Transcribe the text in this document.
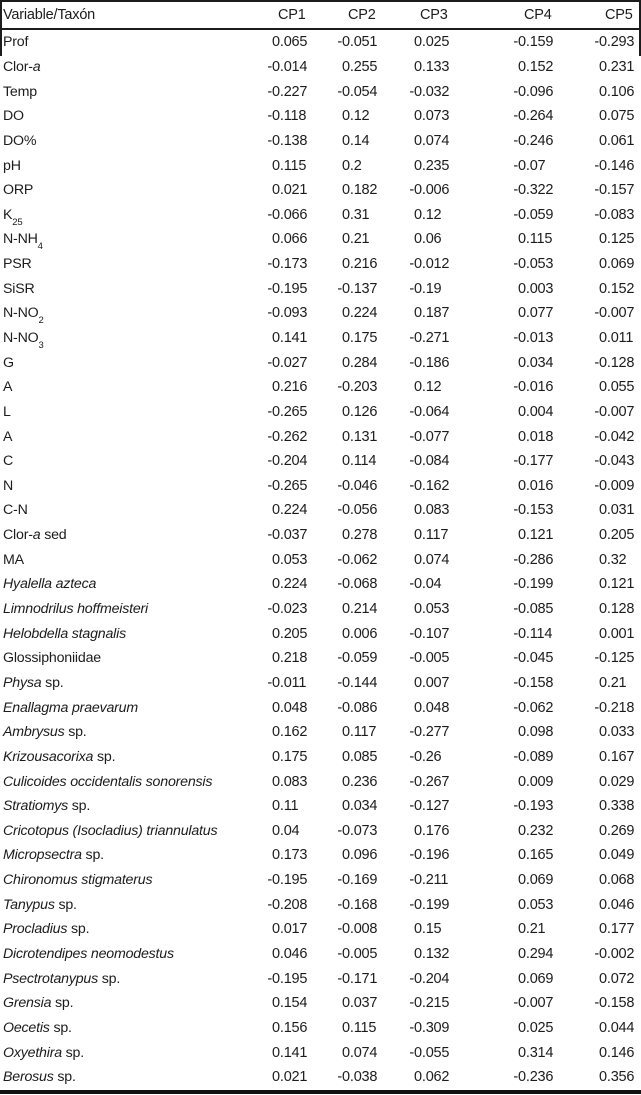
Variable/Taxón	CP1	CP2	CP3	CP4	CP5
Prof	0.065	- 0.051	0.025	- 0.159	- 0.293
Clor-a	- 0.014	0.255	0.133	0.152	0.231
Temp	- 0.227	- 0.054	- 0.032	- 0.096	0.106
DO	- 0.118	0.12	0.073	- 0.264	0.075
DO%	- 0.138	0.14	0.074	- 0.246	0.061
pH	0.115	0.2	0.235	- 0.07	- 0.146
ORP	0.021	0.182	- 0.006	- 0.322	- 0.157
$K_{25}$	- 0.066	0.31	0.12	- 0.059	- 0.083
$N-NH_4$	0.066	0.21	0.06	0.115	0.125
PSR	- 0.173	0.216	- 0.012	- 0.053	0.069
SiSR	- 0.195	- 0.137	- 0.19	0.003	0.152
$N-NO_2$	- 0.093	0.224	0.187	0.077	- 0.007
$N-NO_3$	0.141	0.175	- 0.271	- 0.013	0.011
G	- 0.027	0.284	- 0.186	0.034	- 0.128
A	0.216	- 0.203	0.12	- 0.016	0.055
L	- 0.265	0.126	- 0.064	0.004	- 0.007
A	- 0.262	0.131	- 0.077	0.018	- 0.042
C	- 0.204	0.114	- 0.084	- 0.177	- 0.043
N	- 0.265	- 0.046	- 0.162	0.016	- 0.009
C-N	0.224	- 0.056	0.083	- 0.153	0.031
Clor-a sed	- 0.037	0.278	0.117	0.121	0.205
MA	0.053	- 0.062	0.074	- 0.286	0.32
Hyalella azteca	0.224	- 0.068	- 0.04	- 0.199	0.121
Limnodrilus hoffmeisteri	- 0.023	0.214	0.053	- 0.085	0.128
Helobdella stagnalis	0.205	0.006	- 0.107	- 0.114	0.001
Glossiphoniidae	0.218	- 0.059	- 0.005	- 0.045	- 0.125
Physa sp.	- 0.011	- 0.144	0.007	- 0.158	0.21
Enallagma praevarum	0.048	- 0.086	0.048	- 0.062	- 0.218
Ambrysus sp.	0.162	0.117	- 0.277	0.098	0.033
Krizousacorixa sp.	0.175	0.085	- 0.26	- 0.089	0.167
Culicoides occidentalis sonorensis	0.083	0.236	- 0.267	0.009	0.029
Stratiomys sp.	0.11	0.034	- 0.127	- 0.193	0.338
Cricotopus (Isocladius) triannulatus	0.04	- 0.073	0.176	0.232	0.269
Micropsectra sp.	0.173	0.096	- 0.196	0.165	0.049
Chironomus stigmaterus	- 0.195	- 0.169	- 0.211	0.069	0.068
Tanypus sp.	- 0.208	- 0.168	- 0.199	0.053	0.046
Procladius sp.	0.017	- 0.008	0.15	0.21	0.177
Dicrotendipes neomodestus	0.046	- 0.005	0.132	0.294	- 0.002
Psectrotanypus sp.	- 0.195	- 0.171	- 0.204	0.069	0.072
Grensia sp.	0.154	0.037	- 0.215	- 0.007	- 0.158
Oecetis sp.	0.156	0.115	- 0.309	0.025	0.044
Oxyethira sp.	0.141	0.074	- 0.055	0.314	0.146
Berosus sp.	0.021	- 0.038	0.062	- 0.236	0.356
